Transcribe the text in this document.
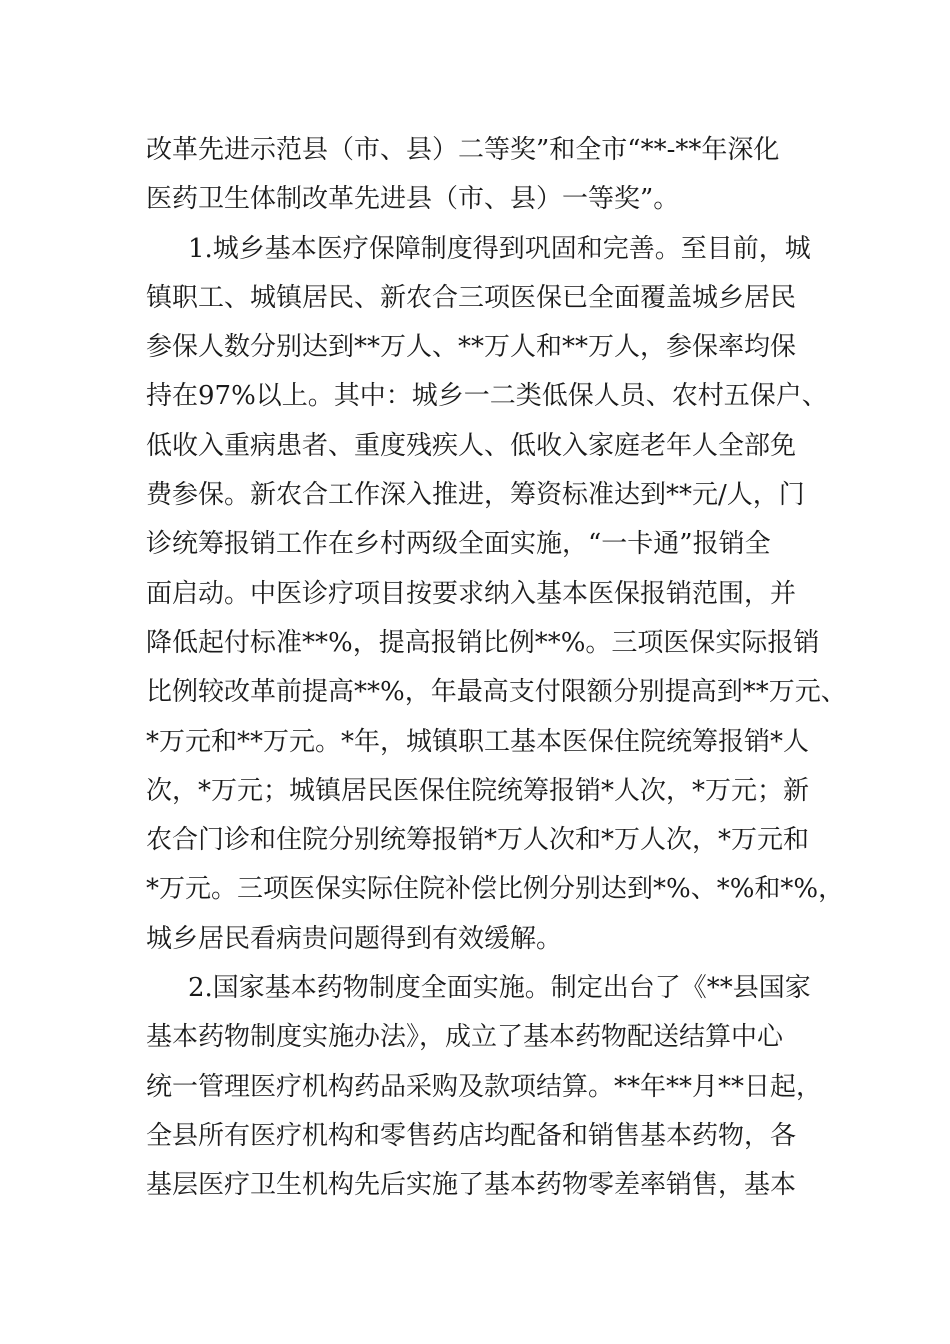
改革先进示范县（市、县）二等奖”和全市“**-**年深化
医药卫生体制改革先进县（市、县）一等奖”。
1.城乡基本医疗保障制度得到巩固和完善。至目前，城
镇职工、城镇居民、新农合三项医保已全面覆盖城乡居民
参保人数分别达到**万人、**万人和**万人，参保率均保
持在97%以上。其中：城乡一二类低保人员、农村五保户、
低收入重病患者、重度残疾人、低收入家庭老年人全部免
费参保。新农合工作深入推进，筹资标准达到**元/人，门
诊统筹报销工作在乡村两级全面实施，“一卡通”报销全
面启动。中医诊疗项目按要求纳入基本医保报销范围，并
降低起付标准**%，提高报销比例**%。三项医保实际报销
比例较改革前提高**%，年最高支付限额分别提高到**万元、
*万元和**万元。*年，城镇职工基本医保住院统筹报销*人
次，*万元；城镇居民医保住院统筹报销*人次，*万元；新
农合门诊和住院分别统筹报销*万人次和*万人次，*万元和
*万元。三项医保实际住院补偿比例分别达到*%、*%和*%，
城乡居民看病贵问题得到有效缓解。
2.国家基本药物制度全面实施。制定出台了《**县国家
基本药物制度实施办法》，成立了基本药物配送结算中心
统一管理医疗机构药品采购及款项结算。**年**月**日起，
全县所有医疗机构和零售药店均配备和销售基本药物，各
基层医疗卫生机构先后实施了基本药物零差率销售，基本
